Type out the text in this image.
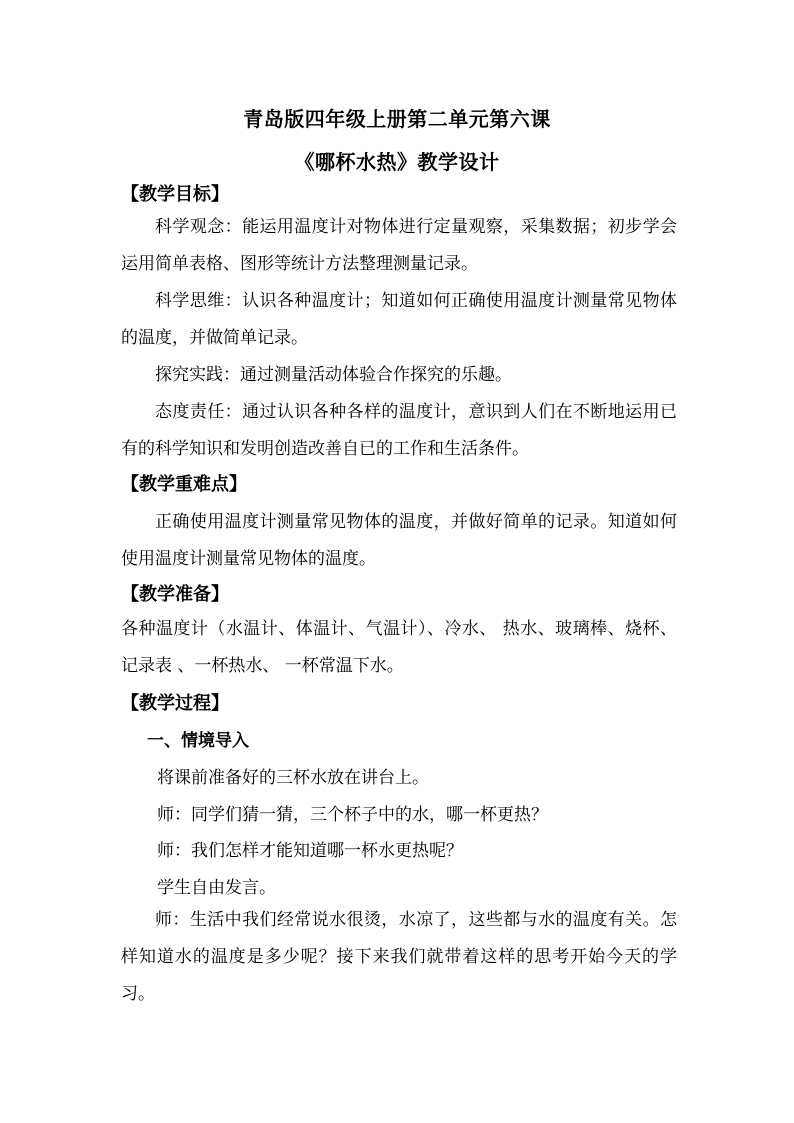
青岛版四年级上册第二单元第六课
《哪杯水热》教学设计
【教学目标】

科学观念：能运用温度计对物体进行定量观察，采集数据；初步学会运用简单表格、图形等统计方法整理测量记录。

科学思维：认识各种温度计；知道如何正确使用温度计测量常见物体的温度，并做简单记录。

探究实践：通过测量活动体验合作探究的乐趣。

态度责任：通过认识各种各样的温度计，意识到人们在不断地运用已有的科学知识和发明创造改善自已的工作和生活条件。

【教学重难点】

正确使用温度计测量常见物体的温度，并做好简单的记录。知道如何使用温度计测量常见物体的温度。

【教学准备】

各种温度计（水温计、体温计、气温计）、冷水、 热水、玻璃棒、烧杯、记录表 、一杯热水、 一杯常温下水。

【教学过程】
一、情境导入

将课前准备好的三杯水放在讲台上。

师：同学们猜一猜，三个杯子中的水，哪一杯更热？

师：我们怎样才能知道哪一杯水更热呢？

学生自由发言。

师：生活中我们经常说水很烫，水凉了，这些都与水的温度有关。怎样知道水的温度是多少呢？接下来我们就带着这样的思考开始今天的学习。
